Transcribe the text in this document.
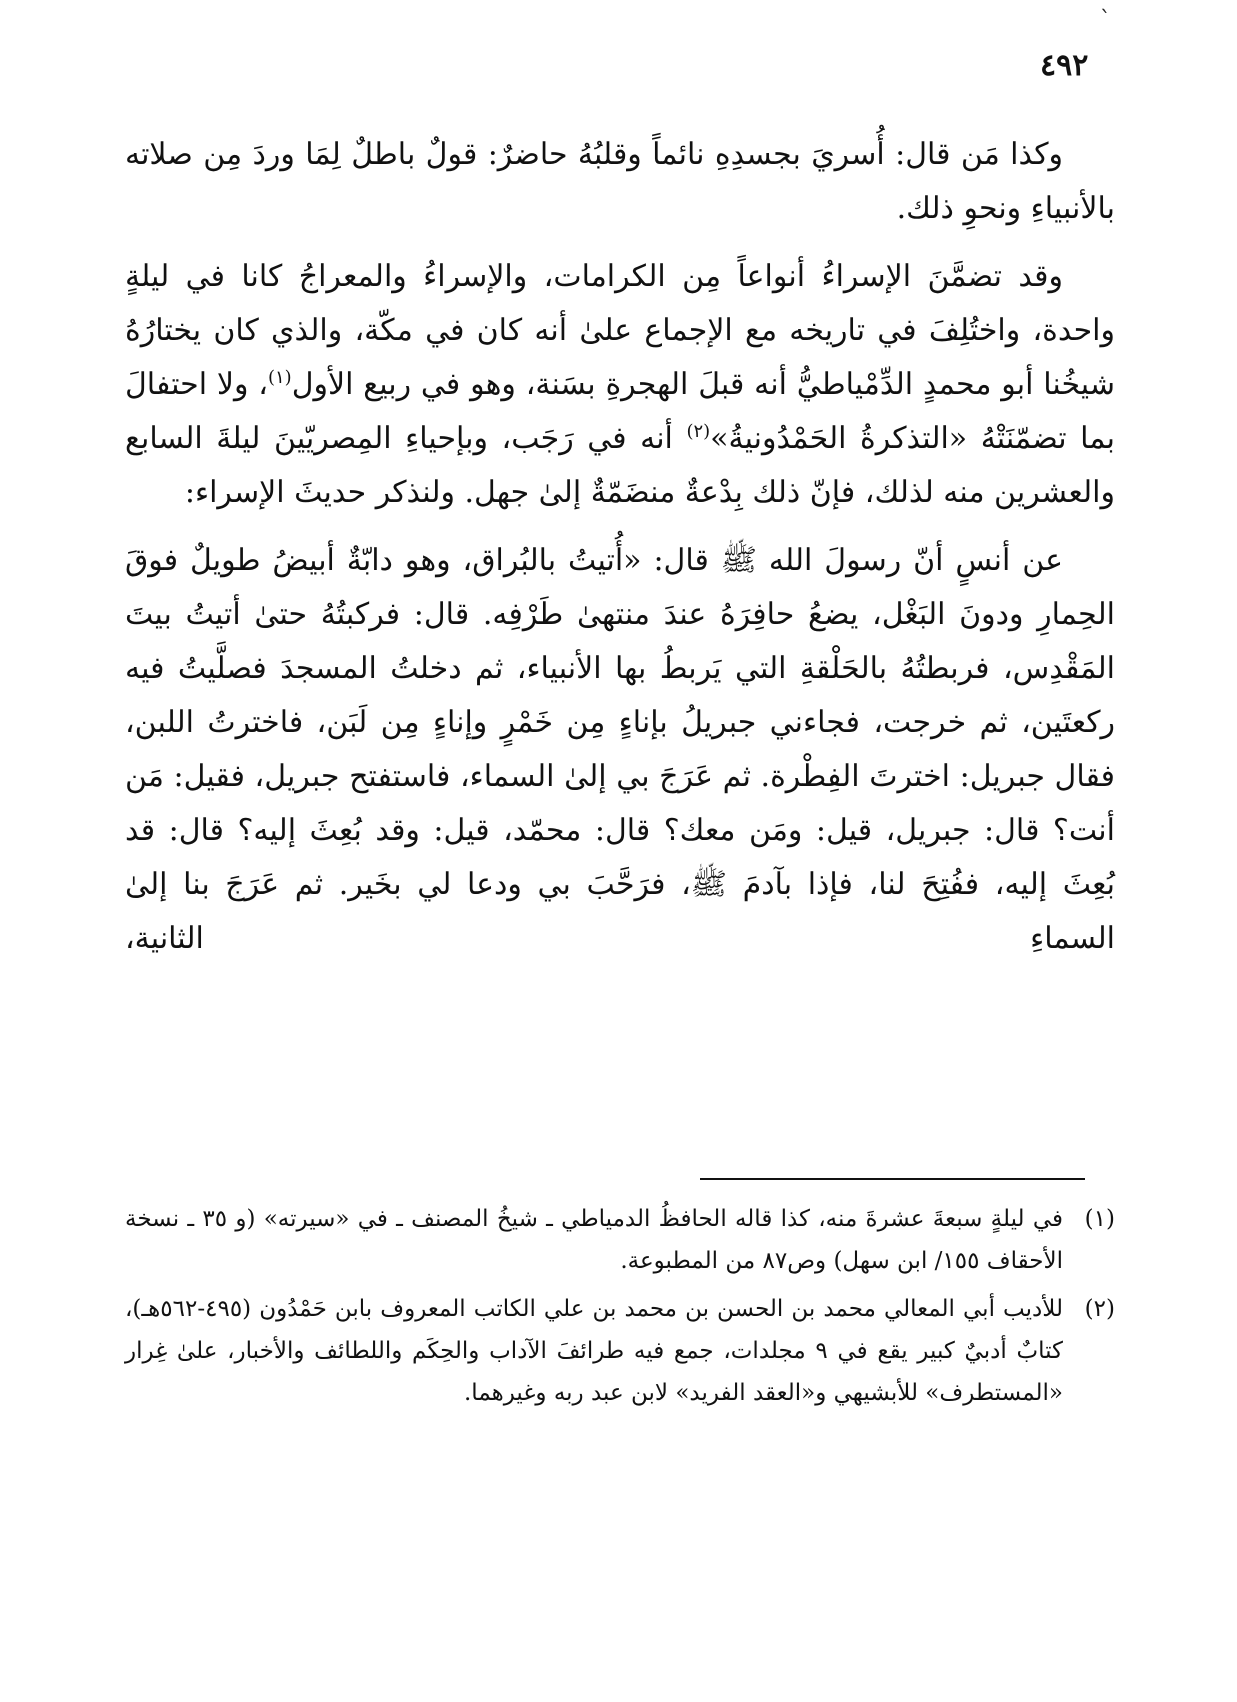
`
٤٩٢

وكذا مَن قال: أُسريَ بجسدِهِ نائماً وقلبُهُ حاضرٌ: قولٌ باطلٌ لِمَا وردَ مِن صلاته بالأنبياءِ ونحوِ ذلك.

وقد تضمَّنَ الإسراءُ أنواعاً مِن الكرامات، والإسراءُ والمعراجُ كانا في ليلةٍ واحدة، واختُلِفَ في تاريخه مع الإجماع علىٰ أنه كان في مكّة، والذي كان يختارُهُ شيخُنا أبو محمدٍ الدِّمْياطيُّ أنه قبلَ الهجرةِ بسَنة، وهو في ربيع الأول$^{(١)}$، ولا احتفالَ بما تضمّنَتْهُ «التذكرةُ الحَمْدُونيةُ»$^{(٢)}$ أنه في رَجَب، وبإحياءِ المِصريّينَ ليلةَ السابع والعشرين منه لذلك، فإنّ ذلك بِدْعةٌ منضَمّةٌ إلىٰ جهل. ولنذكر حديثَ الإسراء:

عن أنسٍ أنّ رسولَ الله ﷺ قال: «أُتيتُ بالبُراق، وهو دابّةٌ أبيضُ طويلٌ فوقَ الحِمارِ ودونَ البَغْل، يضعُ حافِرَهُ عندَ منتهىٰ طَرْفِه. قال: فركبتُهُ حتىٰ أتيتُ بيتَ المَقْدِس، فربطتُهُ بالحَلْقةِ التي يَربطُ بها الأنبياء، ثم دخلتُ المسجدَ فصلَّيتُ فيه ركعتَين، ثم خرجت، فجاءني جبريلُ بإناءٍ مِن خَمْرٍ وإناءٍ مِن لَبَن، فاخترتُ اللبن، فقال جبريل: اخترتَ الفِطْرة. ثم عَرَجَ بي إلىٰ السماء، فاستفتح جبريل، فقيل: مَن أنت؟ قال: جبريل، قيل: ومَن معك؟ قال: محمّد، قيل: وقد بُعِثَ إليه؟ قال: قد بُعِثَ إليه، ففُتِحَ لنا، فإذا بآدمَ ﷺ، فرَحَّبَ بي ودعا لي بخَير. ثم عَرَجَ بنا إلىٰ السماءِ الثانية،

(١)
في ليلةٍ سبعةَ عشرةَ منه، كذا قاله الحافظُ الدمياطي ـ شيخُ المصنف ـ في «سيرته» (و ٣٥ ـ نسخة الأحقاف ١٥٥/ ابن سهل) وص٨٧ من المطبوعة.
(٢)
للأديب أبي المعالي محمد بن الحسن بن محمد بن علي الكاتب المعروف بابن حَمْدُون (٤٩٥-٥٦٢هـ)، كتابٌ أدبيٌ كبير يقع في ٩ مجلدات، جمع فيه طرائفَ الآداب والحِكَم واللطائف والأخبار، علىٰ غِرار «المستطرف» للأبشيهي و«العقد الفريد» لابن عبد ربه وغيرهما.
